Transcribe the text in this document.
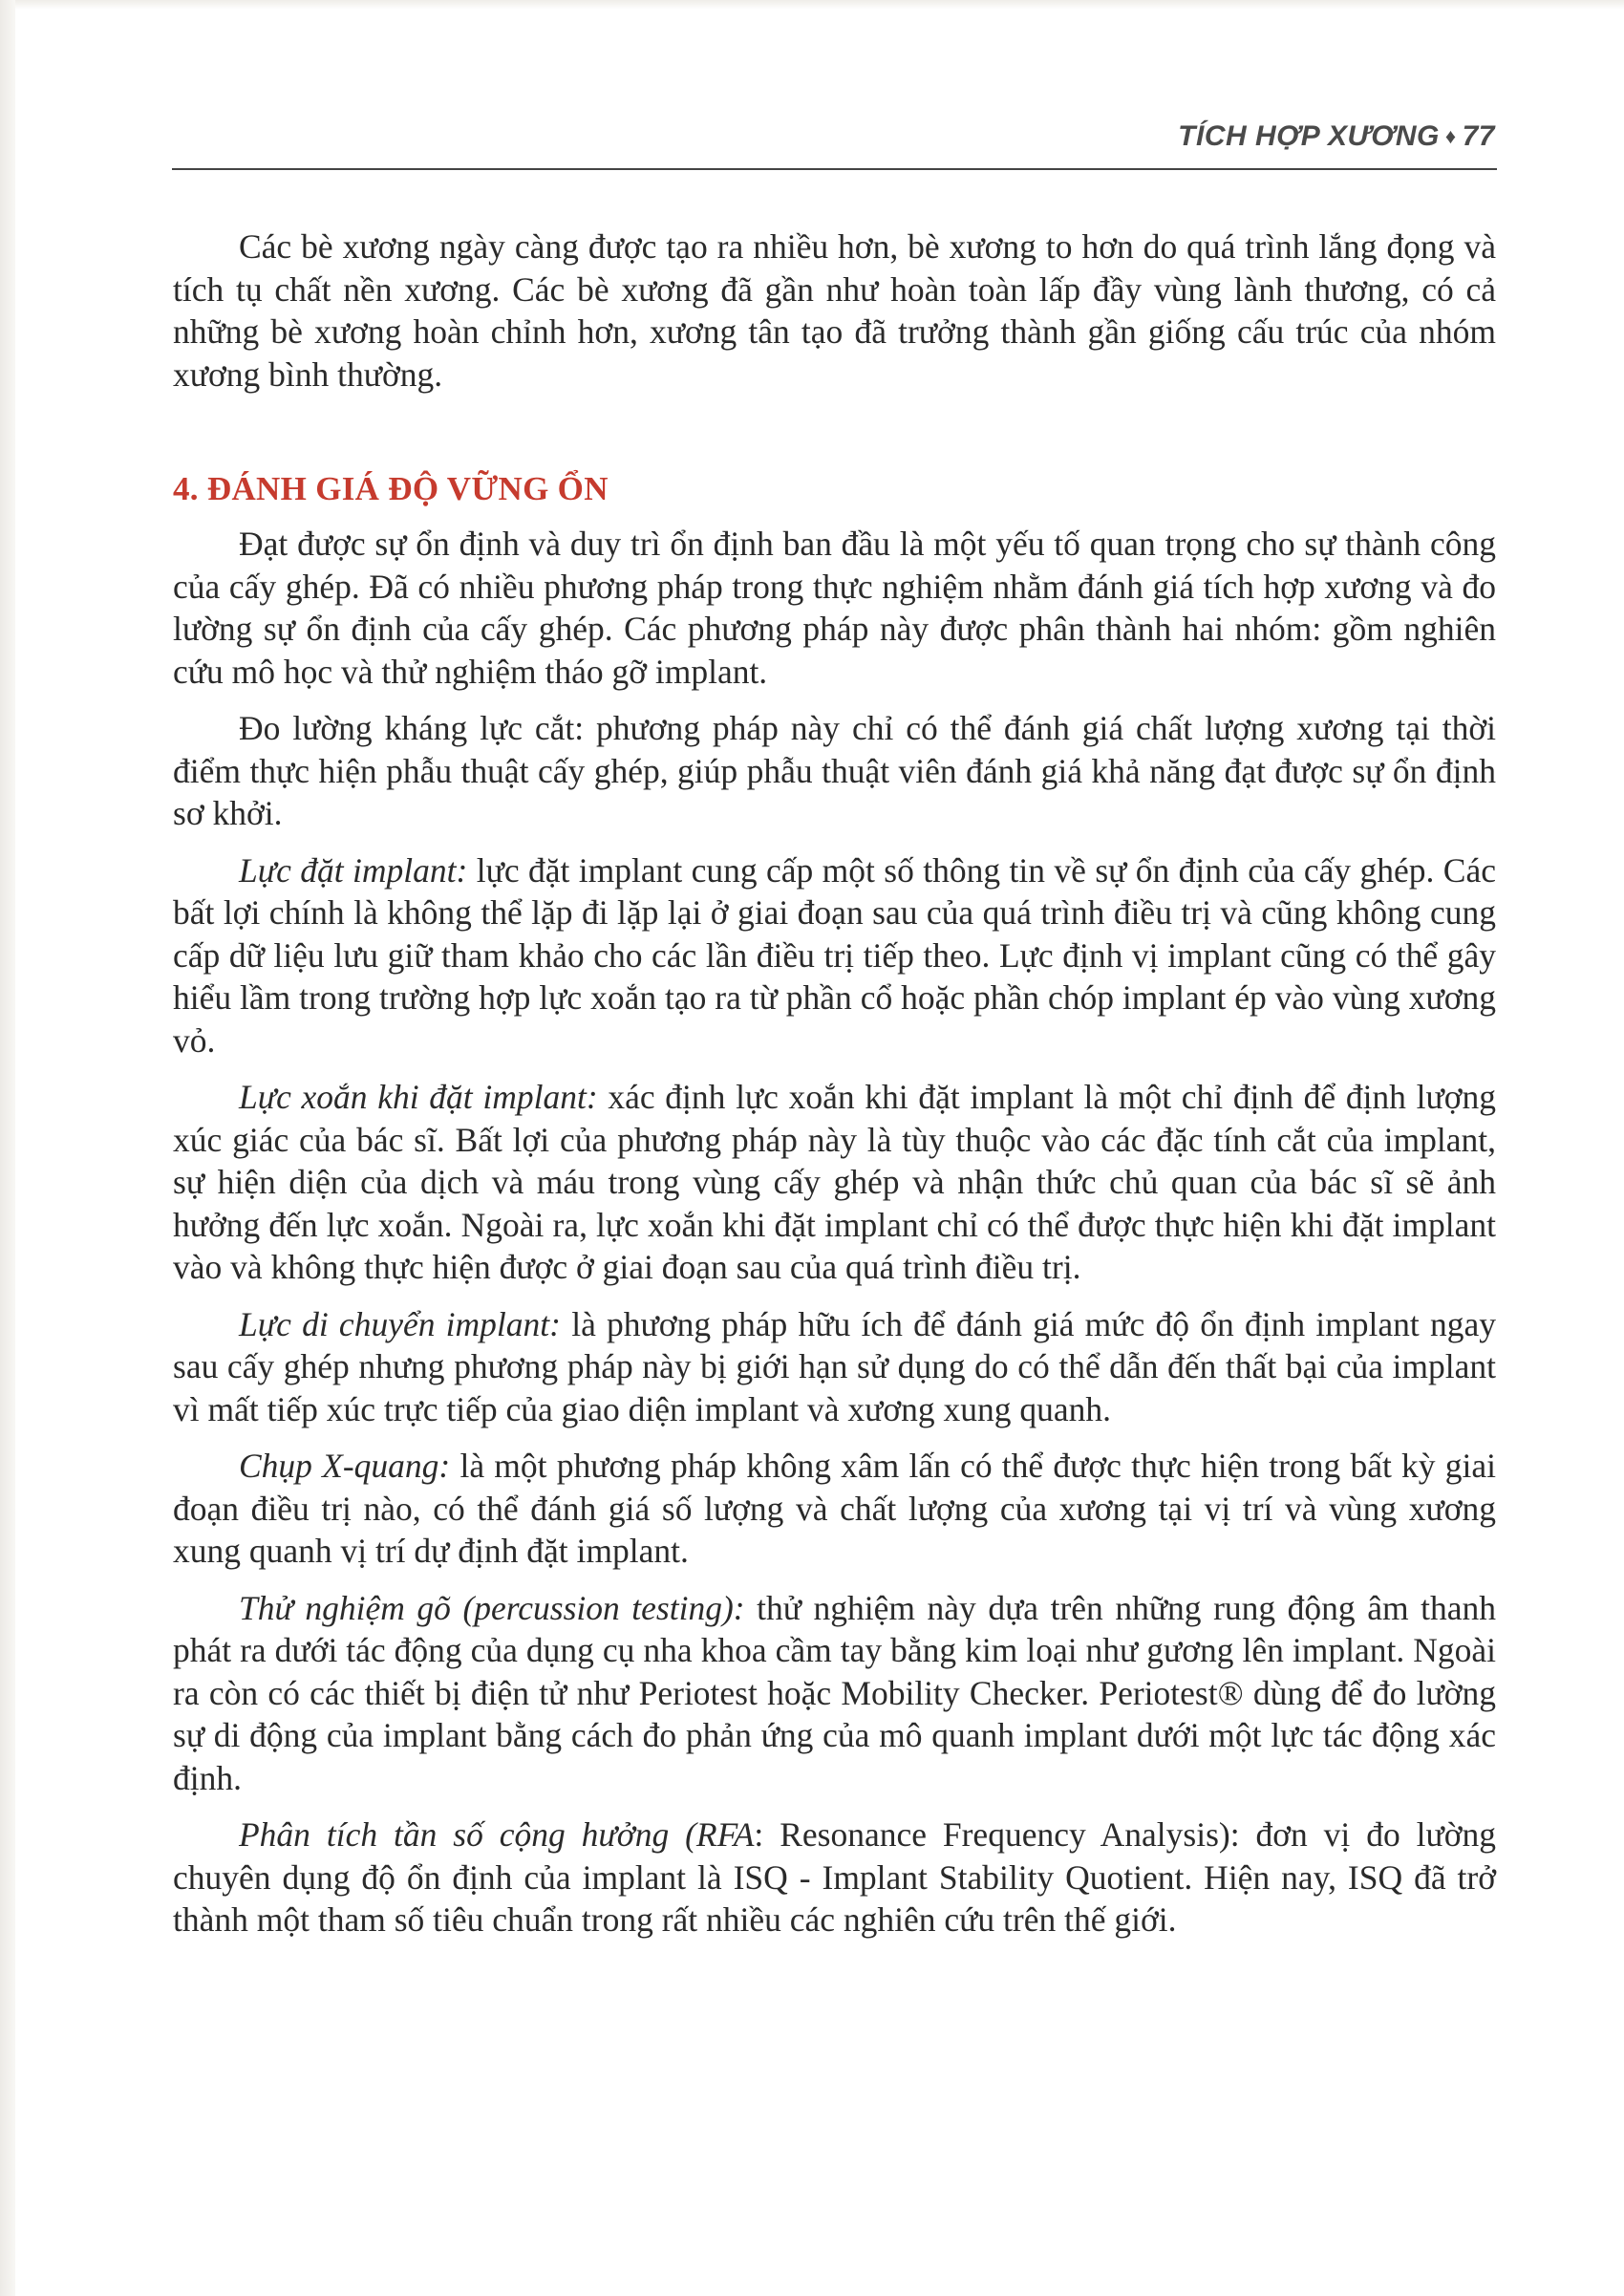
TÍCH HỢP XƯƠNG ♦ 77

Các bè xương ngày càng được tạo ra nhiều hơn, bè xương to hơn do quá trình lắng đọng và tích tụ chất nền xương. Các bè xương đã gần như hoàn toàn lấp đầy vùng lành thương, có cả những bè xương hoàn chỉnh hơn, xương tân tạo đã trưởng thành gần giống cấu trúc của nhóm xương bình thường.

4. ĐÁNH GIÁ ĐỘ VỮNG ỔN

Đạt được sự ổn định và duy trì ổn định ban đầu là một yếu tố quan trọng cho sự thành công của cấy ghép. Đã có nhiều phương pháp trong thực nghiệm nhằm đánh giá tích hợp xương và đo lường sự ổn định của cấy ghép. Các phương pháp này được phân thành hai nhóm: gồm nghiên cứu mô học và thử nghiệm tháo gỡ implant.

Đo lường kháng lực cắt: phương pháp này chỉ có thể đánh giá chất lượng xương tại thời điểm thực hiện phẫu thuật cấy ghép, giúp phẫu thuật viên đánh giá khả năng đạt được sự ổn định sơ khởi.

Lực đặt implant: lực đặt implant cung cấp một số thông tin về sự ổn định của cấy ghép. Các bất lợi chính là không thể lặp đi lặp lại ở giai đoạn sau của quá trình điều trị và cũng không cung cấp dữ liệu lưu giữ tham khảo cho các lần điều trị tiếp theo. Lực định vị implant cũng có thể gây hiểu lầm trong trường hợp lực xoắn tạo ra từ phần cổ hoặc phần chóp implant ép vào vùng xương vỏ.

Lực xoắn khi đặt implant: xác định lực xoắn khi đặt implant là một chỉ định để định lượng xúc giác của bác sĩ. Bất lợi của phương pháp này là tùy thuộc vào các đặc tính cắt của implant, sự hiện diện của dịch và máu trong vùng cấy ghép và nhận thức chủ quan của bác sĩ sẽ ảnh hưởng đến lực xoắn. Ngoài ra, lực xoắn khi đặt implant chỉ có thể được thực hiện khi đặt implant vào và không thực hiện được ở giai đoạn sau của quá trình điều trị.

Lực di chuyển implant: là phương pháp hữu ích để đánh giá mức độ ổn định implant ngay sau cấy ghép nhưng phương pháp này bị giới hạn sử dụng do có thể dẫn đến thất bại của implant vì mất tiếp xúc trực tiếp của giao diện implant và xương xung quanh.

Chụp X-quang: là một phương pháp không xâm lấn có thể được thực hiện trong bất kỳ giai đoạn điều trị nào, có thể đánh giá số lượng và chất lượng của xương tại vị trí và vùng xương xung quanh vị trí dự định đặt implant.

Thử nghiệm gõ (percussion testing): thử nghiệm này dựa trên những rung động âm thanh phát ra dưới tác động của dụng cụ nha khoa cầm tay bằng kim loại như gương lên implant. Ngoài ra còn có các thiết bị điện tử như Periotest hoặc Mobility Checker. Periotest® dùng để đo lường sự di động của implant bằng cách đo phản ứng của mô quanh implant dưới một lực tác động xác định.

Phân tích tần số cộng hưởng (RFA: Resonance Frequency Analysis): đơn vị đo lường chuyên dụng độ ổn định của implant là ISQ - Implant Stability Quotient. Hiện nay, ISQ đã trở thành một tham số tiêu chuẩn trong rất nhiều các nghiên cứu trên thế giới.
